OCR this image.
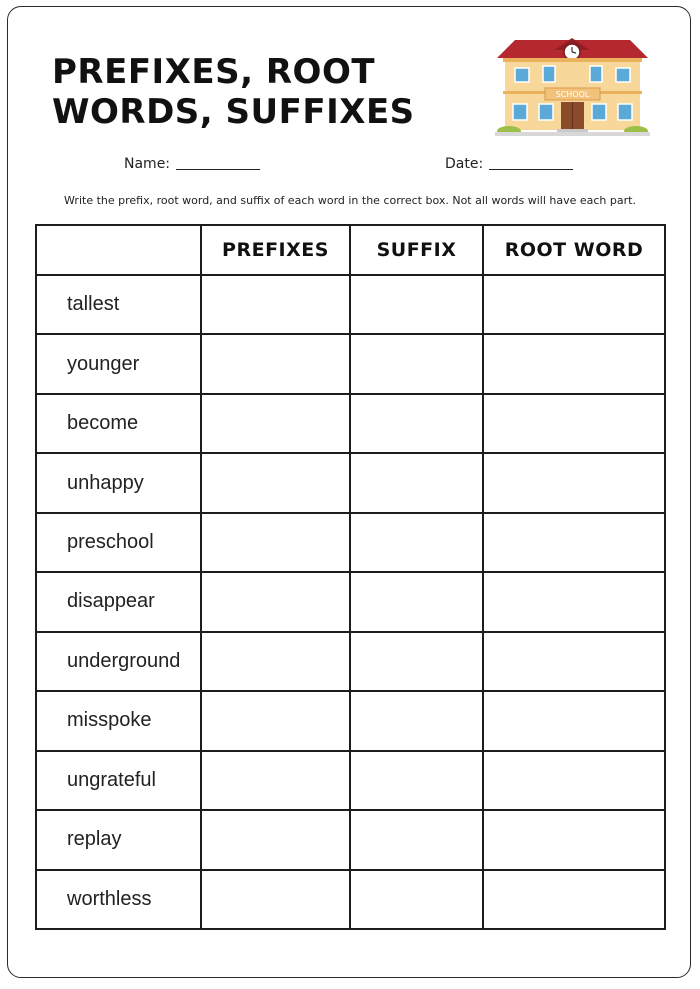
PREFIXES, ROOT WORDS, SUFFIXES	SCHOOL
Name:	Date:
Write the prefix, root word, and suffix of each word in the correct box. Not all words will have each part.
	PREFIXES	SUFFIX	ROOT WORD
tallest			
younger			
become			
unhappy			
preschool			
disappear			
underground			
misspoke			
ungrateful			
replay			
worthless			
